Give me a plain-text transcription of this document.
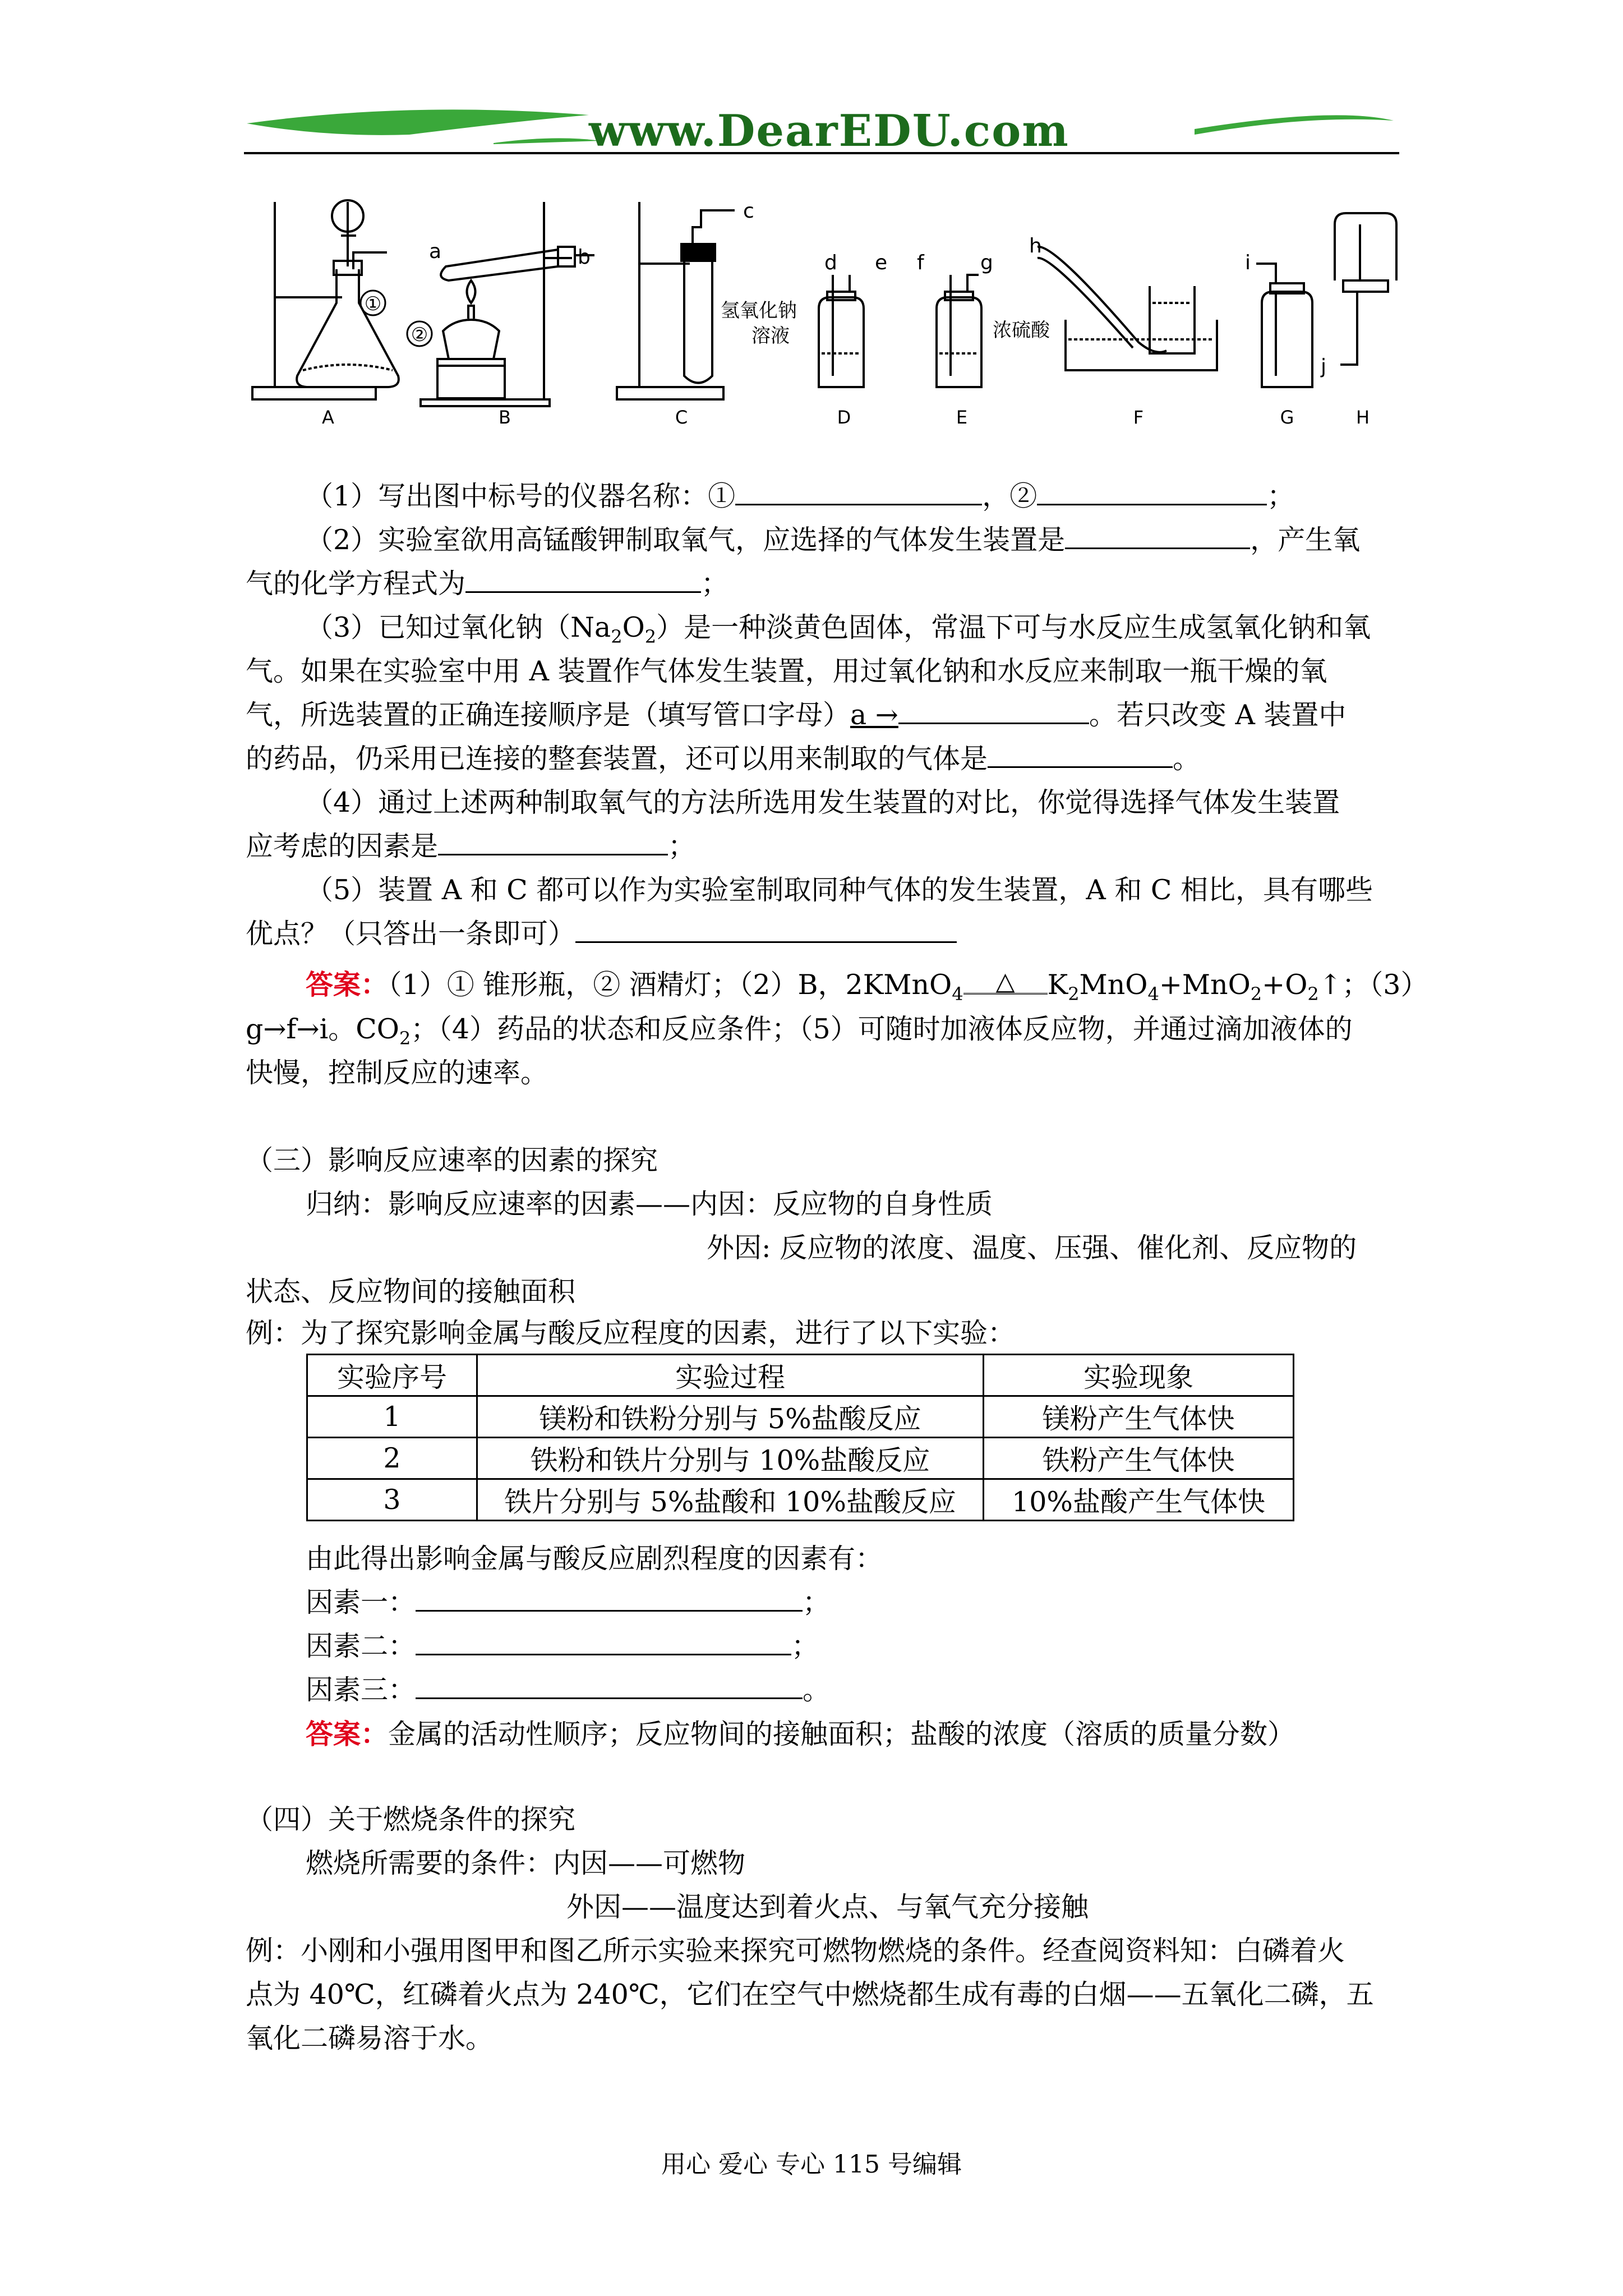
www.DearEDU.com
①
②
a	b
c
d e f	g
h
i
j
氢氧化钠
溶液	浓硫酸
A	B	C	D	E	F	G	H
（1）写出图中标号的仪器名称：①	，②	；
（2）实验室欲用高锰酸钾制取氧气，应选择的气体发生装置是	，产生氧
气的化学方程式为	；
（3）已知过氧化钠$(Na_2O_2)$是一种淡黄色固体，常温下可与水反应生成氢氧化钠和氧
气。如果在实验室中用 A 装置作气体发生装置，用过氧化钠和水反应来制取一瓶干燥的氧
气，所选装置的正确连接顺序是（填写管口字母）a →	。若只改变 A 装置中
的药品，仍采用已连接的整套装置，还可以用来制取的气体是	。
（4）通过上述两种制取氧气的方法所选用发生装置的对比，你觉得选择气体发生装置
应考虑的因素是	；
（5）装置 A 和 C 都可以作为实验室制取同种气体的发生装置，A 和 C 相比，具有哪些
优点？（只答出一条即可）
答案：（1）① 锥形瓶，② 酒精灯；（2）B，2KMnO$_4$ △ $K_2MnO_4+MnO_2+O_2↑$；（3）
g→f→i。$CO_2$；（4）药品的状态和反应条件；（5）可随时加液体反应物，并通过滴加液体的
快慢，控制反应的速率。
（三）影响反应速率的因素的探究
归纳：影响反应速率的因素——内因：反应物的自身性质
外因: 反应物的浓度、温度、压强、催化剂、反应物的
状态、反应物间的接触面积
例：为了探究影响金属与酸反应程度的因素，进行了以下实验：
实验序号	实验过程	实验现象
1	镁粉和铁粉分别与 5%盐酸反应	镁粉产生气体快
2	铁粉和铁片分别与 10%盐酸反应	铁粉产生气体快
3	铁片分别与 5%盐酸和 10%盐酸反应	10%盐酸产生气体快
由此得出影响金属与酸反应剧烈程度的因素有：
因素一：	；
因素二：	；
因素三：	。
答案：金属的活动性顺序；反应物间的接触面积；盐酸的浓度（溶质的质量分数）
（四）关于燃烧条件的探究
燃烧所需要的条件：内因——可燃物
外因——温度达到着火点、与氧气充分接触
例：小刚和小强用图甲和图乙所示实验来探究可燃物燃烧的条件。经查阅资料知：白磷着火
点为 40℃，红磷着火点为 240℃，它们在空气中燃烧都生成有毒的白烟——五氧化二磷，五
氧化二磷易溶于水。
用心 爱心 专心 115 号编辑
